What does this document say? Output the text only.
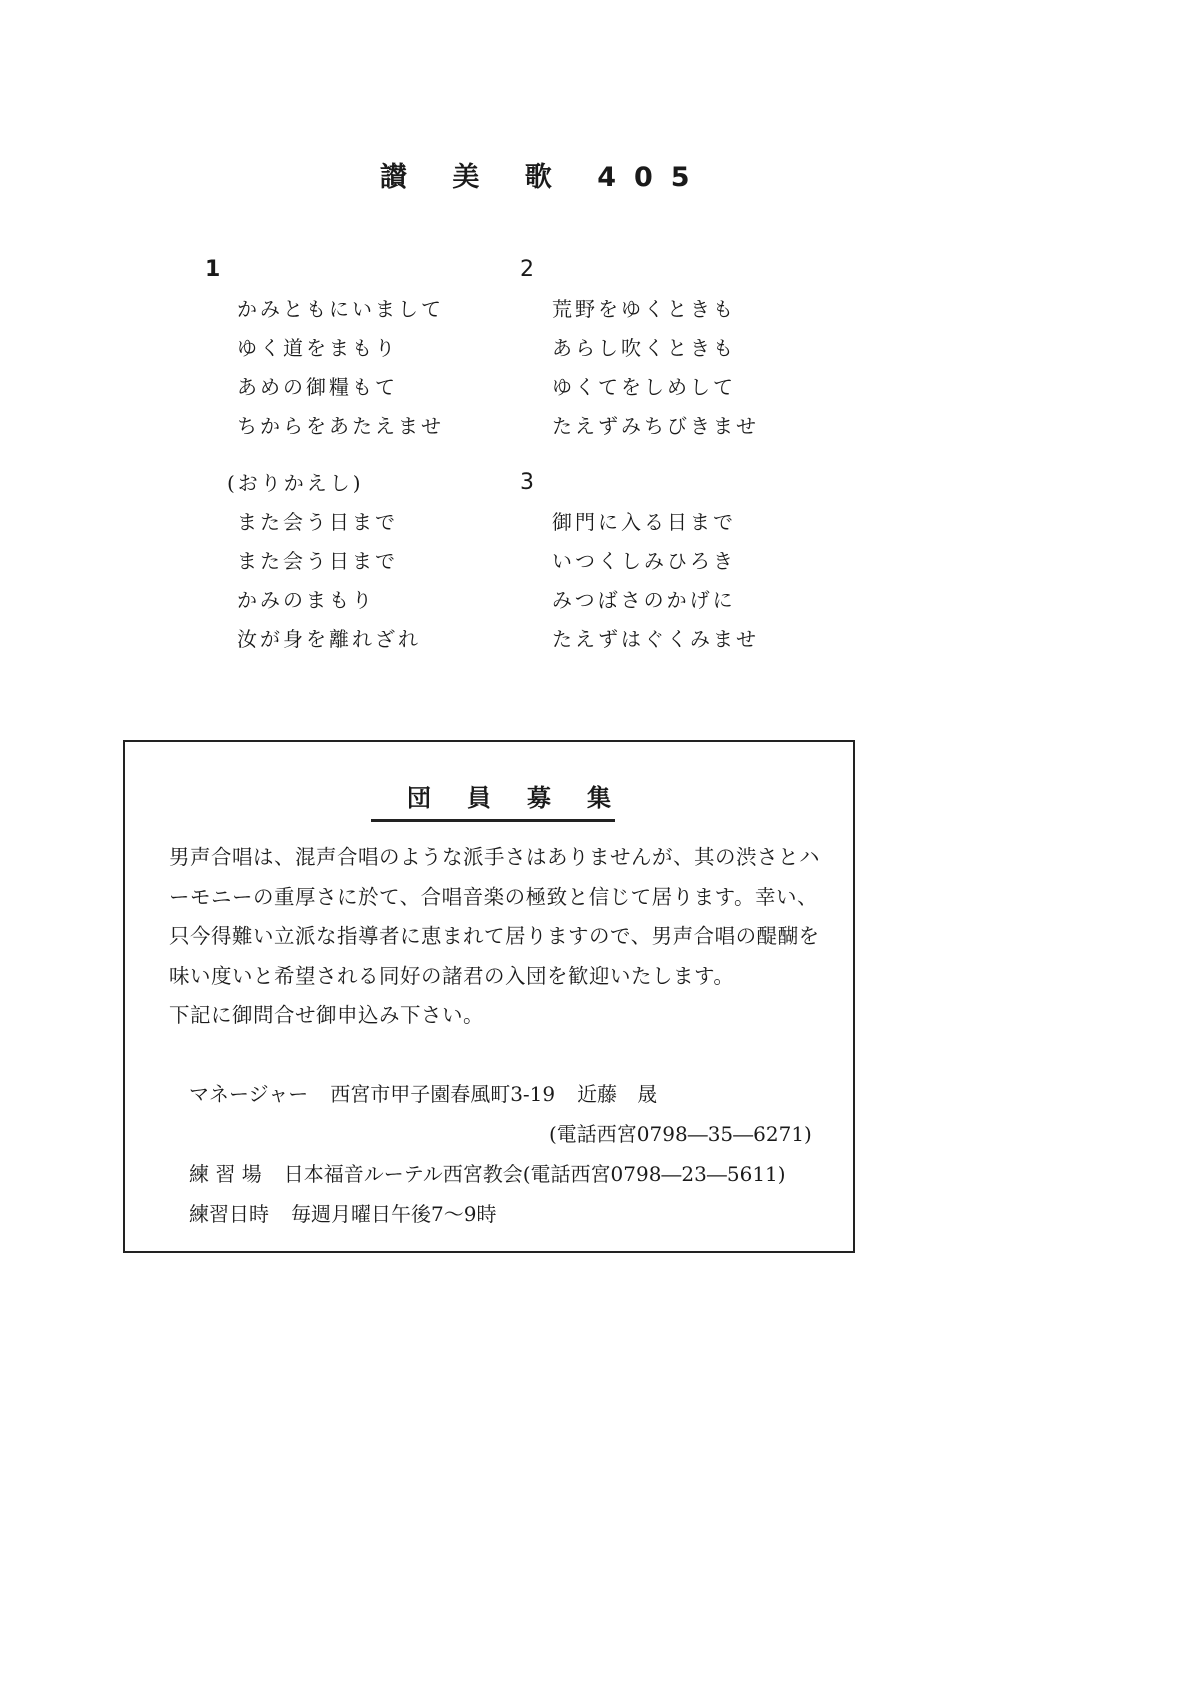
讃 美 歌 405
1
かみともにいまして
ゆく道をまもり
あめの御糧もて
ちからをあたえませ
2
荒野をゆくときも
あらし吹くときも
ゆくてをしめして
たえずみちびきませ
(おりかえし)
また会う日まで
また会う日まで
かみのまもり
汝が身を離れざれ
3
御門に入る日まで
いつくしみひろき
みつばさのかげに
たえずはぐくみませ
団員募集
男声合唱は、混声合唱のような派手さはありませんが、其の渋さとハ
ーモニーの重厚さに於て、合唱音楽の極致と信じて居ります。幸い、
只今得難い立派な指導者に恵まれて居りますので、男声合唱の醍醐を
味い度いと希望される同好の諸君の入団を歓迎いたします。
下記に御問合せ御申込み下さい。
マネージャー 西宮市甲子園春風町3-19 近藤　晟
(電話西宮0798―35―6271)
練 習 場 日本福音ルーテル西宮教会(電話西宮0798―23―5611)
練習日時 毎週月曜日午後7～9時
